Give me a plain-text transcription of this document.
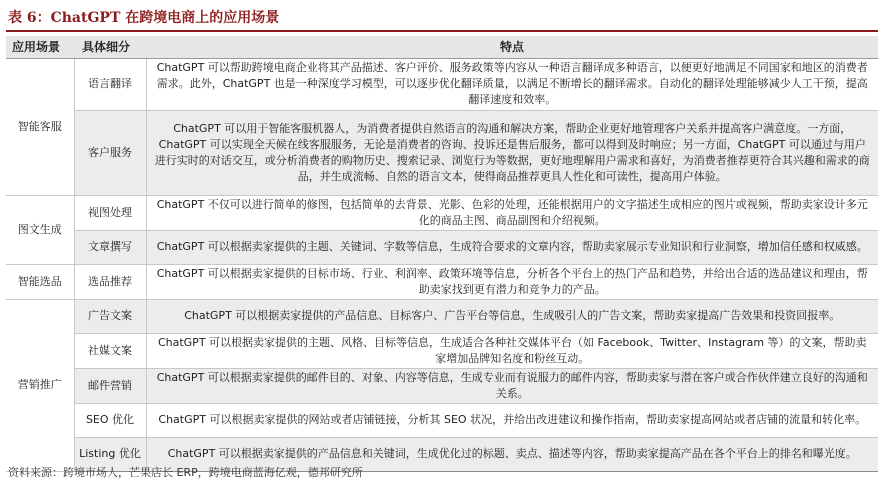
表 6：ChatGPT 在跨境电商上的应用场景
应用场景	具体细分	特点
智能客服	语言翻译	ChatGPT 可以帮助跨境电商企业将其产品描述、客户评价、服务政策等内容从一种语言翻译成多种语言，以便更好地满足不同国家和地区的消费者需求。此外，ChatGPT 也是一种深度学习模型，可以逐步优化翻译质量，以满足不断增长的翻译需求。自动化的翻译处理能够减少人工干预，提高翻译速度和效率。
	客户服务	ChatGPT 可以用于智能客服机器人，为消费者提供自然语言的沟通和解决方案，帮助企业更好地管理客户关系并提高客户满意度。一方面，ChatGPT 可以实现全天候在线客服服务，无论是消费者的咨询、投诉还是售后服务，都可以得到及时响应；另一方面，ChatGPT 可以通过与用户进行实时的对话交互，或分析消费者的购物历史、搜索记录、浏览行为等数据，更好地理解用户需求和喜好，为消费者推荐更符合其兴趣和需求的商品，并生成流畅、自然的语言文本，使得商品推荐更具人性化和可读性，提高用户体验。
图文生成	视图处理	ChatGPT 不仅可以进行简单的修图，包括简单的去背景、光影、色彩的处理，还能根据用户的文字描述生成相应的图片或视频，帮助卖家设计多元化的商品主图、商品副图和介绍视频。
	文章撰写	ChatGPT 可以根据卖家提供的主题、关键词、字数等信息，生成符合要求的文章内容，帮助卖家展示专业知识和行业洞察，增加信任感和权威感。
智能选品	选品推荐	ChatGPT 可以根据卖家提供的目标市场、行业、利润率、政策环境等信息，分析各个平台上的热门产品和趋势，并给出合适的选品建议和理由，帮助卖家找到更有潜力和竞争力的产品。
营销推广	广告文案	ChatGPT 可以根据卖家提供的产品信息、目标客户、广告平台等信息，生成吸引人的广告文案，帮助卖家提高广告效果和投资回报率。
	社媒文案	ChatGPT 可以根据卖家提供的主题、风格、目标等信息，生成适合各种社交媒体平台（如 Facebook、Twitter、Instagram 等）的文案，帮助卖家增加品牌知名度和粉丝互动。
	邮件营销	ChatGPT 可以根据卖家提供的邮件目的、对象、内容等信息，生成专业而有说服力的邮件内容，帮助卖家与潜在客户或合作伙伴建立良好的沟通和关系。
	SEO 优化	ChatGPT 可以根据卖家提供的网站或者店铺链接，分析其 SEO 状况，并给出改进建议和操作指南，帮助卖家提高网站或者店铺的流量和转化率。
	Listing 优化	ChatGPT 可以根据卖家提供的产品信息和关键词，生成优化过的标题、卖点、描述等内容，帮助卖家提高产品在各个平台上的排名和曝光度。
资料来源：跨境市场人，芒果店长 ERP，跨境电商蓝海亿观，德邦研究所
